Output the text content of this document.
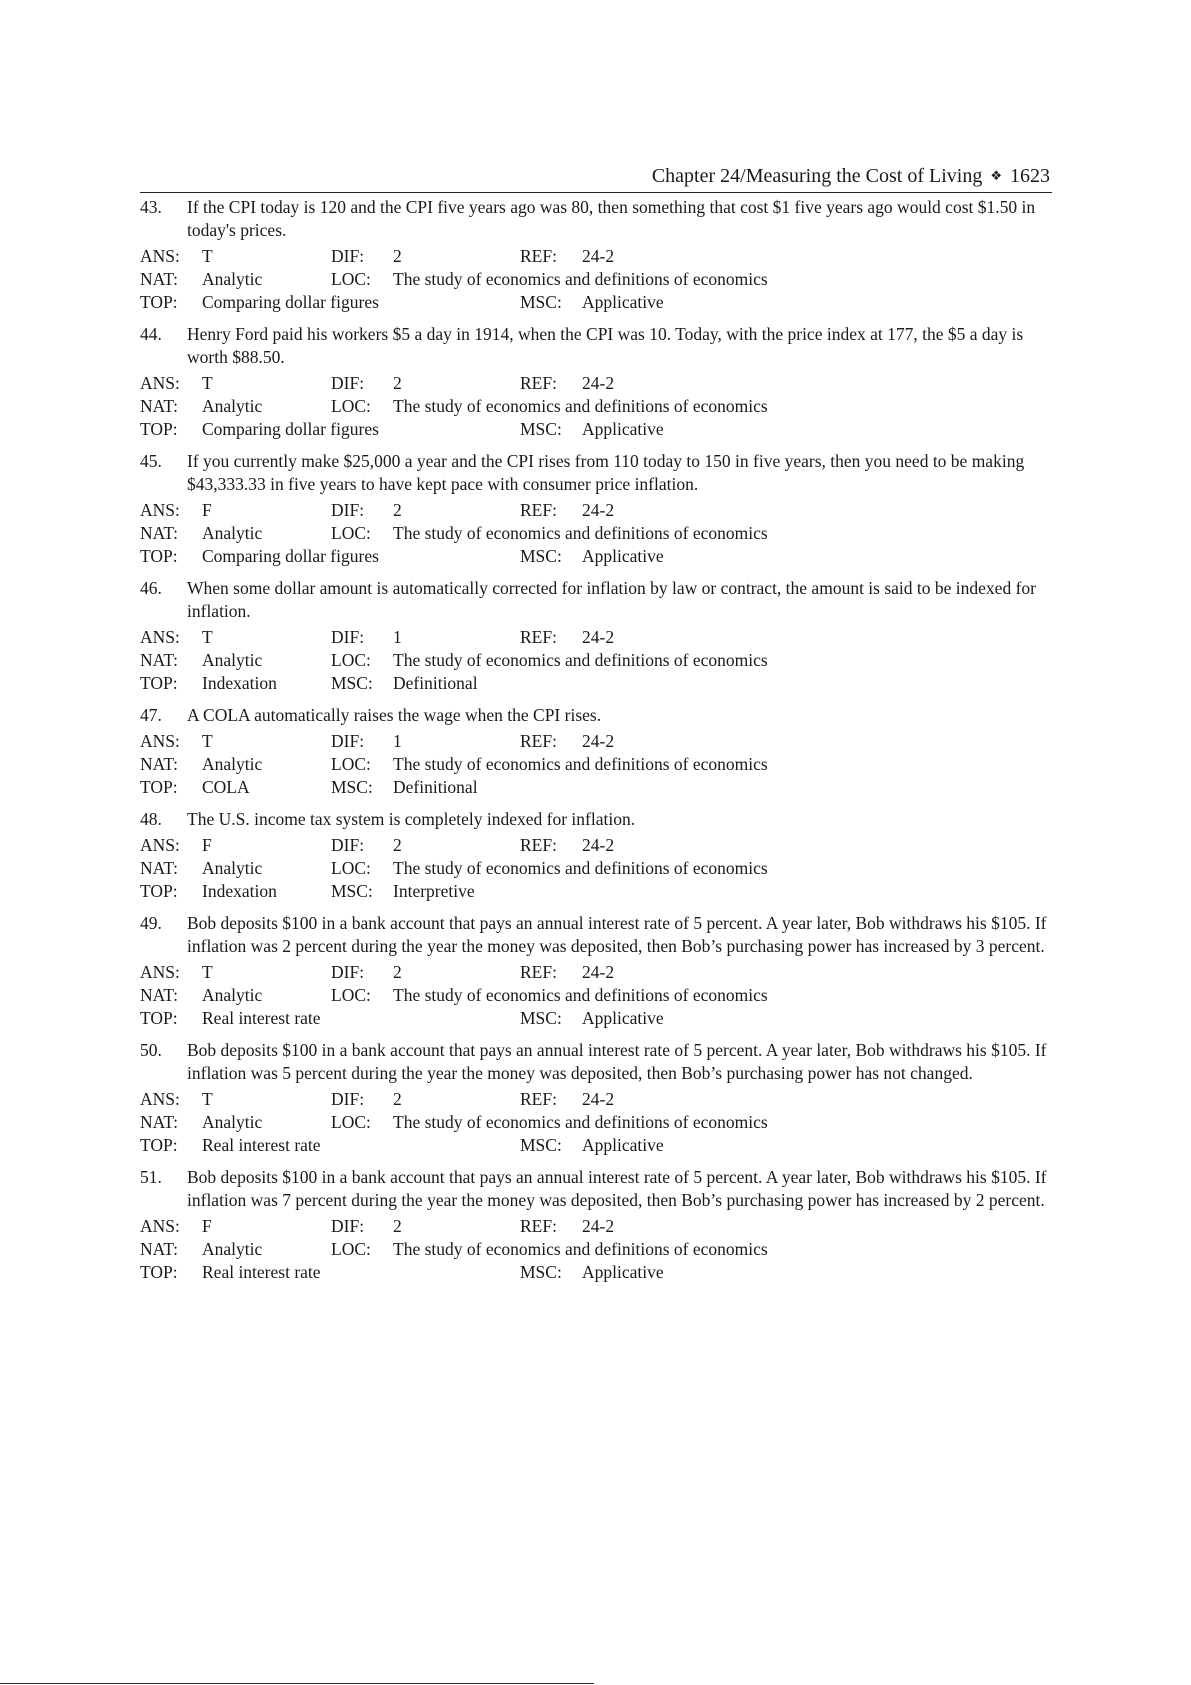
Chapter 24/Measuring the Cost of Living ❖ 1623
43.	If the CPI today is 120 and the CPI five years ago was 80, then something that cost $1 five years ago would cost $1.50 in today's prices.
ANS: T	DIF: 2	REF: 24-2
NAT: Analytic	LOC: The study of economics and definitions of economics
TOP: Comparing dollar figures	MSC: Applicative
44.	Henry Ford paid his workers $5 a day in 1914, when the CPI was 10. Today, with the price index at 177, the $5 a day is worth $88.50.
ANS: T	DIF: 2	REF: 24-2
NAT: Analytic	LOC: The study of economics and definitions of economics
TOP: Comparing dollar figures	MSC: Applicative
45.	If you currently make $25,000 a year and the CPI rises from 110 today to 150 in five years, then you need to be making $43,333.33 in five years to have kept pace with consumer price inflation.
ANS: F	DIF: 2	REF: 24-2
NAT: Analytic	LOC: The study of economics and definitions of economics
TOP: Comparing dollar figures	MSC: Applicative
46.	When some dollar amount is automatically corrected for inflation by law or contract, the amount is said to be indexed for inflation.
ANS: T	DIF: 1	REF: 24-2
NAT: Analytic	LOC: The study of economics and definitions of economics
TOP: Indexation	MSC: Definitional
47.	A COLA automatically raises the wage when the CPI rises.
ANS: T	DIF: 1	REF: 24-2
NAT: Analytic	LOC: The study of economics and definitions of economics
TOP: COLA	MSC: Definitional
48.	The U.S. income tax system is completely indexed for inflation.
ANS: F	DIF: 2	REF: 24-2
NAT: Analytic	LOC: The study of economics and definitions of economics
TOP: Indexation	MSC: Interpretive
49.	Bob deposits $100 in a bank account that pays an annual interest rate of 5 percent. A year later, Bob withdraws his $105. If inflation was 2 percent during the year the money was deposited, then Bob’s purchasing power has increased by 3 percent.
ANS: T	DIF: 2	REF: 24-2
NAT: Analytic	LOC: The study of economics and definitions of economics
TOP: Real interest rate	MSC: Applicative
50.	Bob deposits $100 in a bank account that pays an annual interest rate of 5 percent. A year later, Bob withdraws his $105. If inflation was 5 percent during the year the money was deposited, then Bob’s purchasing power has not changed.
ANS: T	DIF: 2	REF: 24-2
NAT: Analytic	LOC: The study of economics and definitions of economics
TOP: Real interest rate	MSC: Applicative
51.	Bob deposits $100 in a bank account that pays an annual interest rate of 5 percent. A year later, Bob withdraws his $105. If inflation was 7 percent during the year the money was deposited, then Bob’s purchasing power has increased by 2 percent.
ANS: F	DIF: 2	REF: 24-2
NAT: Analytic	LOC: The study of economics and definitions of economics
TOP: Real interest rate	MSC: Applicative
